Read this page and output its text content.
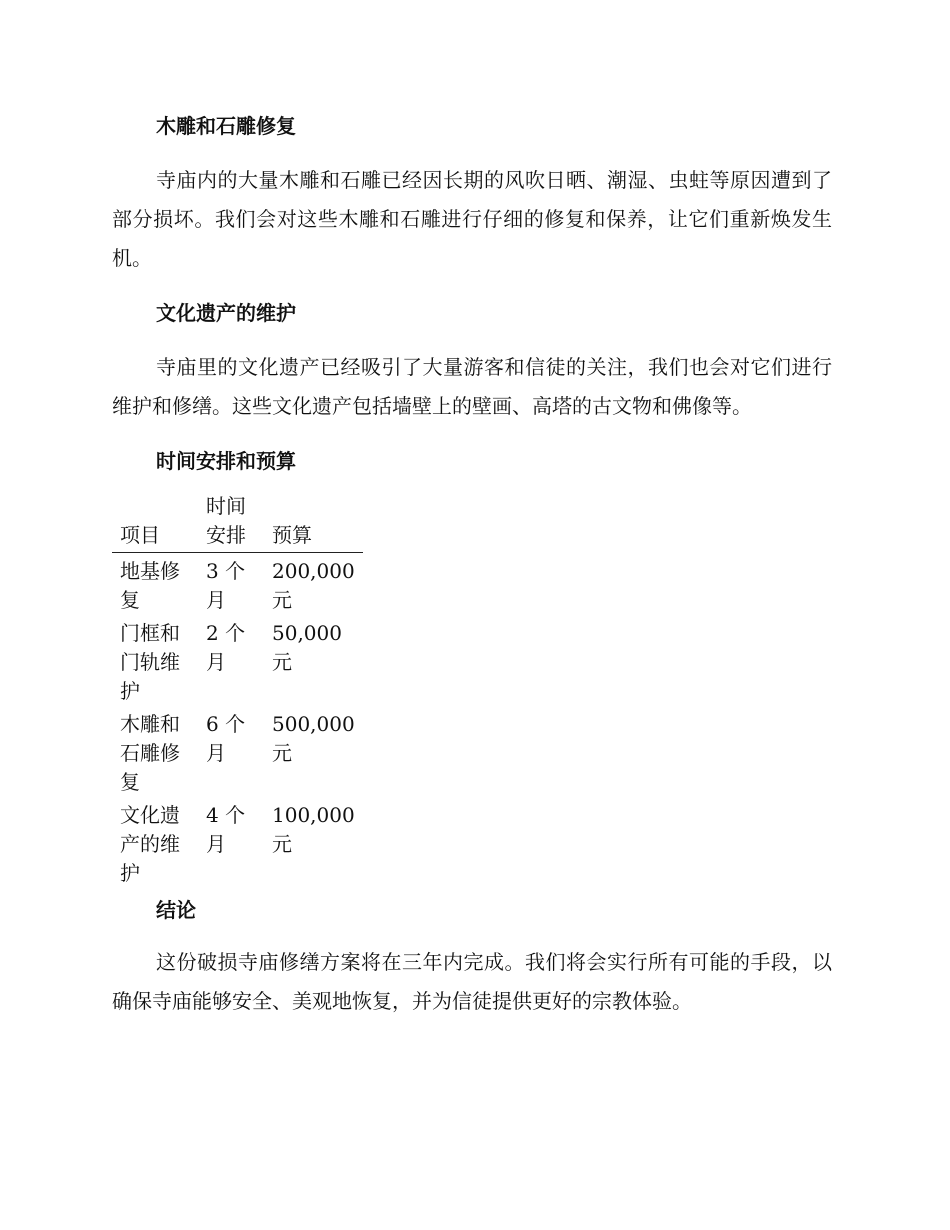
木雕和石雕修复

寺庙内的大量木雕和石雕已经因长期的风吹日晒、潮湿、虫蛀等原因遭到了部分损坏。我们会对这些木雕和石雕进行仔细的修复和保养，让它们重新焕发生机。

文化遗产的维护

寺庙里的文化遗产已经吸引了大量游客和信徒的关注，我们也会对它们进行维护和修缮。这些文化遗产包括墙壁上的壁画、高塔的古文物和佛像等。

时间安排和预算
项目	时间安排	预算
地基修复	3 个月	200,000 元
门框和门轨维护	2 个月	50,000 元
木雕和石雕修复	6 个月	500,000 元
文化遗产的维护	4 个月	100,000 元
结论

这份破损寺庙修缮方案将在三年内完成。我们将会实行所有可能的手段，以确保寺庙能够安全、美观地恢复，并为信徒提供更好的宗教体验。
